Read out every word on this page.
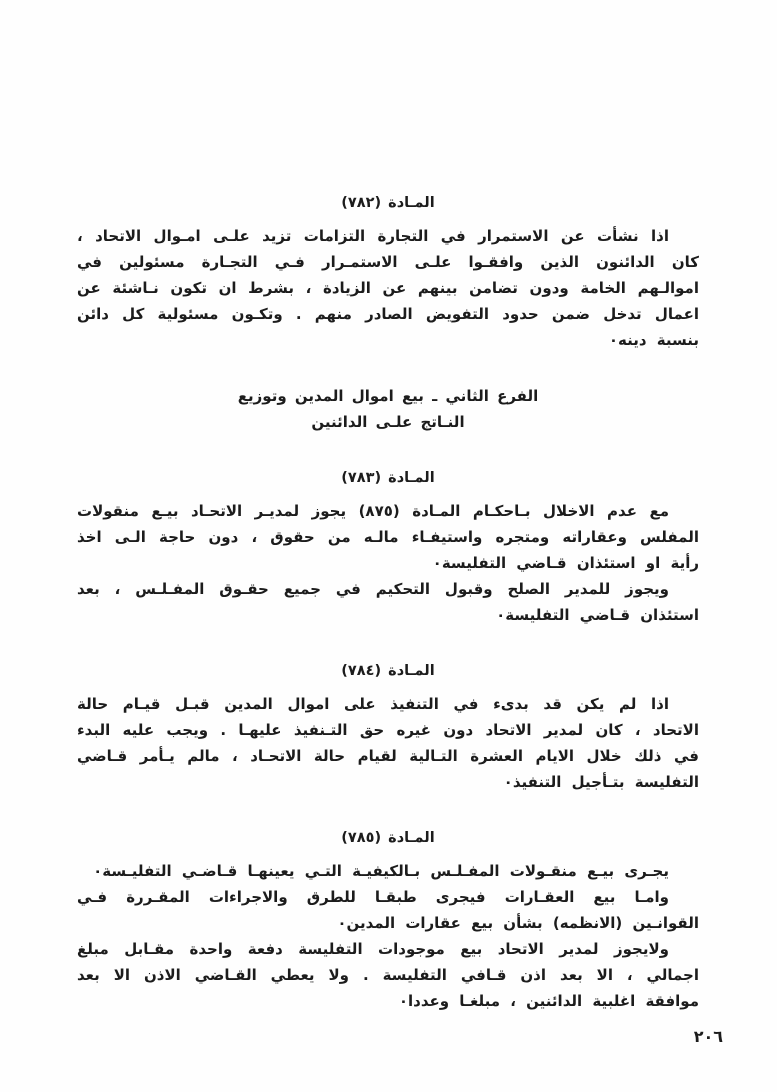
المـادة (٧٨٢)

اذا نشأت عن الاستمرار في التجارة التزامات تزيد علـى امـوال الاتحاد ، كان الدائنون الذين وافقـوا علـى الاستمـرار فـي التجـارة مسئولين في اموالـهم الخامة ودون تضامن بينهم عن الزيادة ، بشرط ان تكون نـاشئة عن اعمال تدخل ضمن حدود التفويض الصادر منهم . وتكـون مسئولية كل دائن بنسبة دينه٠

الفرع الثاني ـ بيع اموال المدين وتوزيع
النـاتج علـى الدائنين
المـادة (٧٨٣)

مع عدم الاخلال بـاحكـام المـادة (٨٧٥) يجوز لمديـر الاتحـاد بيـع منقولات المفلس وعقاراته ومتجره واستيفـاء مالـه من حقوق ، دون حاجة الـى اخذ رأية او استئذان قـاضي التفليسة٠

ويجوز للمدير الصلح وقبول التحكيم في جميع حقـوق المفـلـس ، بعد استئذان قـاضي التفليسة٠

المـادة (٧٨٤)

اذا لم يكن قد بدىء في التنفيذ على اموال المدين قبـل قيـام حالة الاتحاد ، كان لمدير الاتحاد دون غيره حق التـنفيذ عليهـا . ويجب عليه البدء في ذلك خلال الايام العشرة التـالية لقيام حالة الاتحـاد ، مالم يـأمر قـاضي التفليسة بتـأجيل التنفيذ٠

المـادة (٧٨٥)

يجـرى بيـع منقـولات المفـلـس بـالكيفيـة التـي يعينهـا قـاضـي التفليـسة٠

وامـا بيع العقـارات فيجرى طبقـا للطرق والاجراءات المقـررة فـي القوانـين (الانظمه) بشأن بيع عقارات المدين٠

ولايجوز لمدير الاتحاد بيع موجودات التفليسة دفعة واحدة مقـابل مبلغ اجمالي ، الا بعد اذن قـافي التفليسة . ولا يعطي القـاضي الاذن الا بعد موافقة اغلبية الدائنين ، مبلغـا وعددا٠

٢٠٦
